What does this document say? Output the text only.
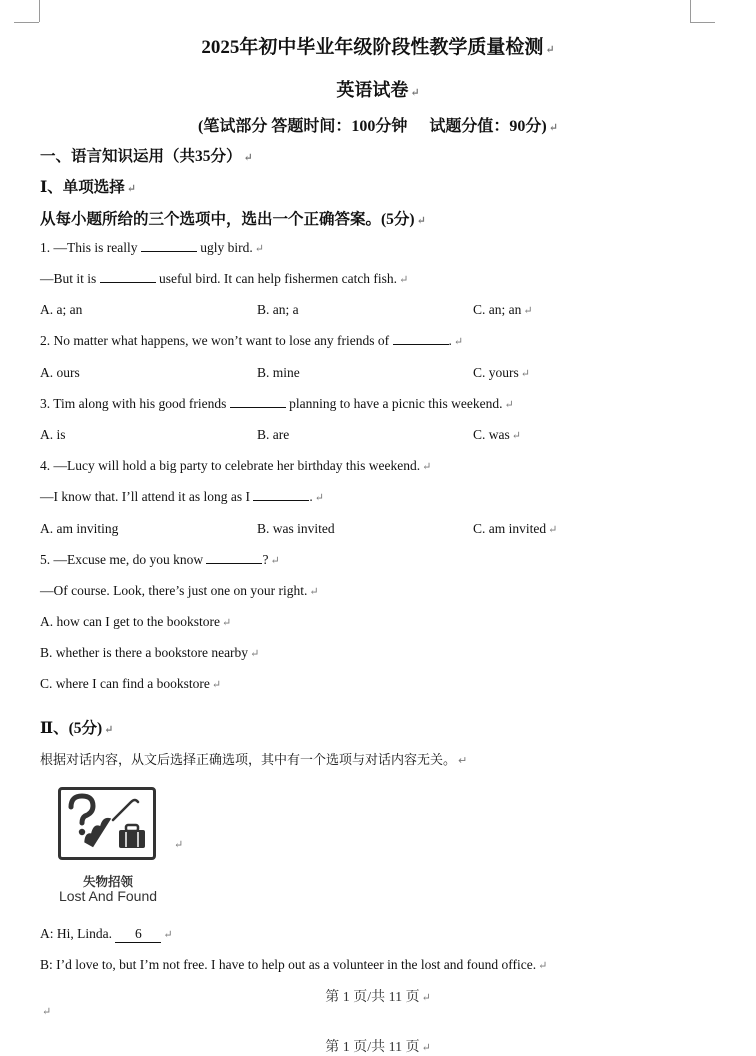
2025年初中毕业年级阶段性教学质量检测 ↵
英语试卷 ↵
(笔试部分 答题时间：100分钟 试题分值：90分) ↵
一、语言知识运用（共35分） ↵
Ⅰ、单项选择 ↵
从每小题所给的三个选项中，选出一个正确答案。(5分) ↵
1. —This is really	ugly bird. ↵
—But it is	useful bird. It can help fishermen catch fish. ↵
A. a; an	B. an; a	C. an; an ↵
2. No matter what happens, we won’t want to lose any friends of	. ↵
A. ours	B. mine	C. yours ↵
3. Tim along with his good friends	planning to have a picnic this weekend. ↵
A. is	B. are	C. was ↵
4. —Lucy will hold a big party to celebrate her birthday this weekend. ↵
—I know that. I’ll attend it as long as I	. ↵
A. am inviting	B. was invited	C. am invited ↵
5. —Excuse me, do you know	? ↵
—Of course. Look, there’s just one on your right. ↵
A. how can I get to the bookstore ↵
B. whether is there a bookstore nearby ↵
C. where I can find a bookstore ↵
Ⅱ、(5分) ↵
根据对话内容，从文后选择正确选项，其中有一个选项与对话内容无关。 ↵
↵
失物招领
Lost And Found
A: Hi, Linda. 6 ↵
B: I’d love to, but I’m not free. I have to help out as a volunteer in the lost and found office. ↵
第 1 页/共 11 页 ↵
↵
第 1 页/共 11 页 ↵
